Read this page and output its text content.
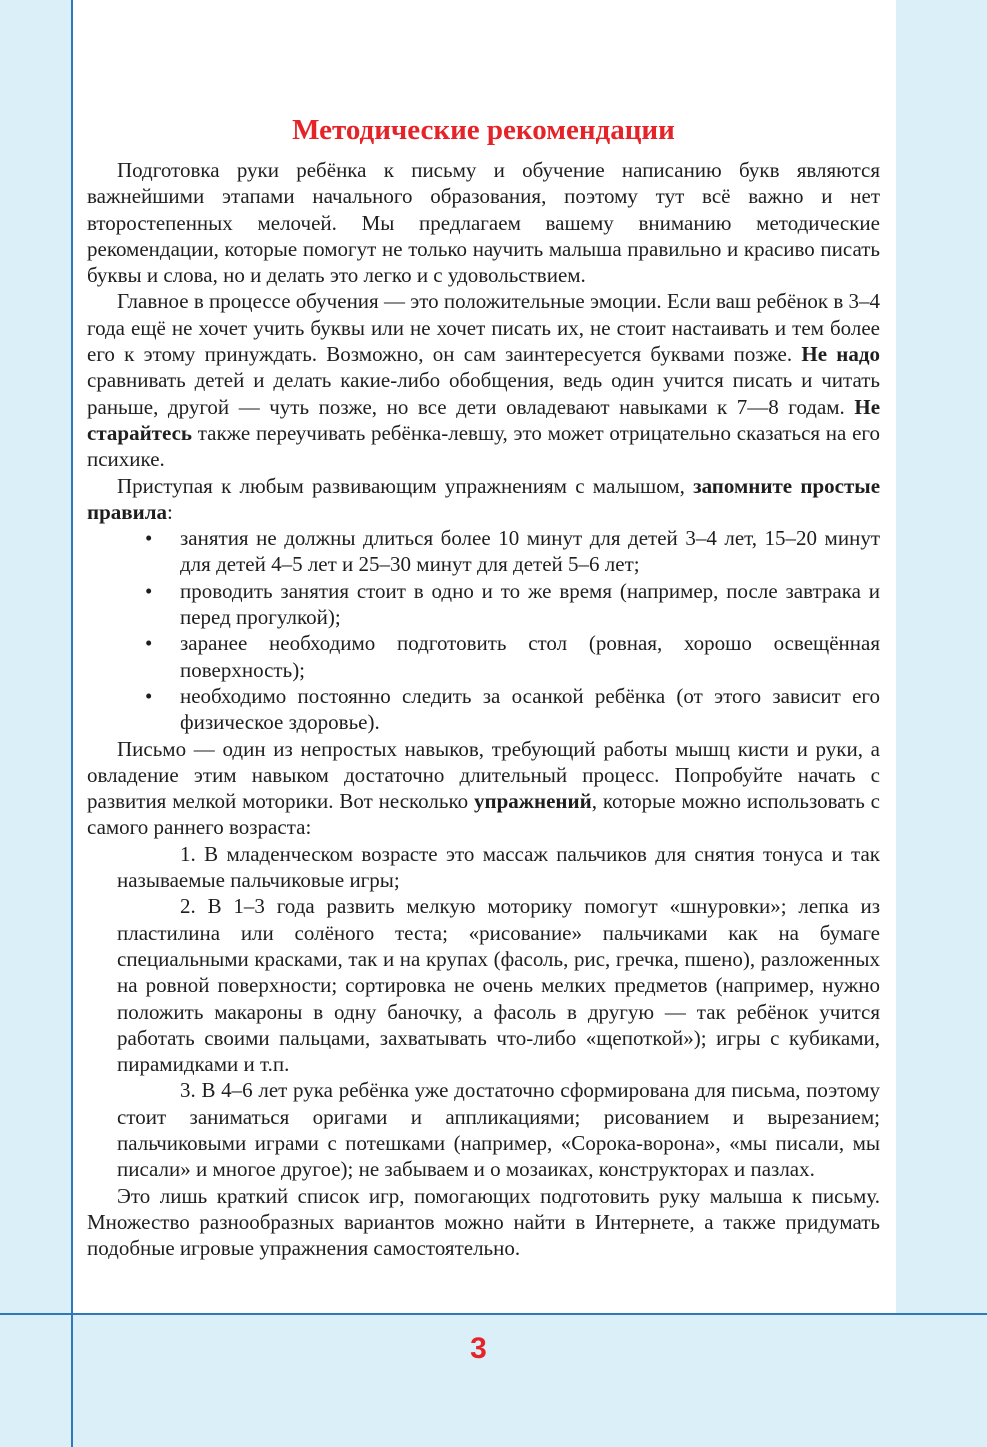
Методические рекомендации

Подготовка руки ребёнка к письму и обучение написанию букв являются важнейшими этапами начального образования, поэтому тут всё важно и нет второстепенных мелочей. Мы предлагаем вашему вниманию методические рекомендации, которые помогут не только научить малыша правильно и красиво писать буквы и слова, но и делать это легко и с удовольствием.

Главное в процессе обучения — это положительные эмоции. Если ваш ребёнок в 3–4 года ещё не хочет учить буквы или не хочет писать их, не стоит настаивать и тем более его к этому принуждать. Возможно, он сам заинтересуется буквами позже. Не надо сравнивать детей и делать какие-либо обобщения, ведь один учится писать и читать раньше, другой — чуть позже, но все дети овладевают навыками к 7—8 годам. Не старайтесь также переучивать ребёнка-левшу, это может отрицательно сказаться на его психике.

Приступая к любым развивающим упражнениям с малышом, запомните простые правила:

• занятия не должны длиться более 10 минут для детей 3–4 лет, 15–20 минут для детей 4–5 лет и 25–30 минут для детей 5–6 лет;
• проводить занятия стоит в одно и то же время (например, после завтрака и перед прогулкой);
• заранее необходимо подготовить стол (ровная, хорошо освещённая поверхность);
• необходимо постоянно следить за осанкой ребёнка (от этого зависит его физическое здоровье).

Письмо — один из непростых навыков, требующий работы мышц кисти и руки, а овладение этим навыком достаточно длительный процесс. Попробуйте начать с развития мелкой моторики. Вот несколько упражнений, которые можно использовать с самого раннего возраста:

1. В младенческом возрасте это массаж пальчиков для снятия тонуса и так называемые пальчиковые игры;

2. В 1–3 года развить мелкую моторику помогут «шнуровки»; лепка из пластилина или солёного теста; «рисование» пальчиками как на бумаге специальными красками, так и на крупах (фасоль, рис, гречка, пшено), разложенных на ровной поверхности; сортировка не очень мелких предметов (например, нужно положить макароны в одну баночку, а фасоль в другую — так ребёнок учится работать своими пальцами, захватывать что-либо «щепоткой»); игры с кубиками, пирамидками и т.п.

3. В 4–6 лет рука ребёнка уже достаточно сформирована для письма, поэтому стоит заниматься оригами и аппликациями; рисованием и вырезанием; пальчиковыми играми с потешками (например, «Сорока-ворона», «мы писали, мы писали» и многое другое); не забываем и о мозаиках, конструкторах и пазлах.

Это лишь краткий список игр, помогающих подготовить руку малыша к письму. Множество разнообразных вариантов можно найти в Интернете, а также придумать подобные игровые упражнения самостоятельно.

3
